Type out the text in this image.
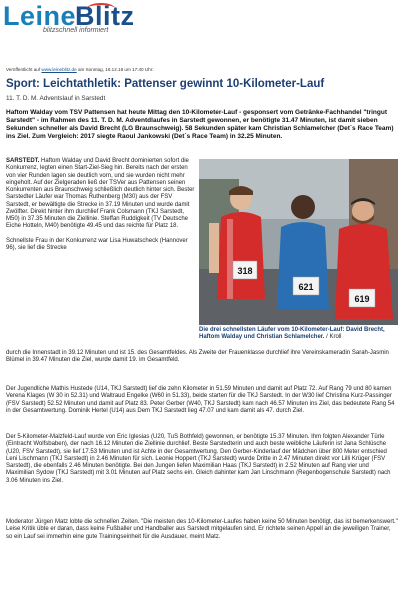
LeineBlitz
blitzschnell informiert
Veröffentlicht auf www.leineblitz.de am Sonntag, 16.12.18 um 17:40 Uhr:
Sport: Leichtathletik: Pattenser gewinnt 10-Kilometer-Lauf
11. T. D. M. Adventslauf in Sarstedt
Haftom Walday vom TSV Pattensen hat heute Mittag den 10-Kilometer-Lauf - gesponsert vom Getränke-Fachhandel "tringut Sarstedt" - im Rahmen des 11. T. D. M. Adventdlaufes in Sarstedt gewonnen, er benötigte 31.47 Minuten, ist damit sieben Sekunden schneller als David Brecht (LG Braunschweig). 58 Sekunden später kam Christian Schlamelcher (Det´s Race Team) ins Ziel. Zum Vergleich: 2017 siegte Raoul Jankowski (Det´s Race Team) in 32.25 Minuten.
SARSTEDT. Haftom Walday und David Brecht dominierten sofort die Konkurrenz, legten einen Start-Ziel-Sieg hin. Bereits nach der ersten von vier Runden lagen sie deutlich vorn, und sie wurden nicht mehr eingeholt. Auf der Zielgeraden ließ der TSVer aus Pattensen seinen Konkurrenten aus Braunschweig schließlich deutlich hinter sich. Bester Sarstedter Läufer war Thomas Ruthenberg (M30) aus der FSV Sarstedt, er bewältigte die Strecke in 37.19 Minuten und wurde damit Zwölfter. Direkt hinter ihm durchlief Frank Colsmann (TKJ Sarstedt, M50) in 37.35 Minuten die Ziellinie. Steffan Ruddigkeit (TV Deutsche Eiche Hotteln, M40) benötigte 49.45 und das reichte für Platz 18.
Schnellste Frau in der Konkurrenz war Lisa Huwatscheck (Hannover 96), sie lief die Strecke
318
621
619
Die drei schnellsten Läufer vom 10-Kilometer-Lauf: David Brecht, Haftom Walday und Christian Schlamelcher. / Kroll
durch die Innenstadt in 39.12 Minuten und ist 15. des Gesamtfeldes. Als Zweite der Frauenklasse durchlief ihre Vereinskameradin Sarah-Jasmin Blümel in 39.47 Minuten die Ziel, wurde damit 19. im Gesamtfeld.
Der Jugendliche Mathis Hustede (U14, TKJ Sarstedt) lief die zehn Kilometer in 51.59 Minuten und damit auf Platz 72. Auf Rang 79 und 80 kamen Verena Klages (W 30 in 52.31) und Waltraud Engelke (W60 in 51.33), beide starten für die TKJ Sarstedt. In der W30 lief Christina Kurz-Passinger (FSV Sarstedt) 52.52 Minuten und damit auf Platz 83. Peter Gerber (W40, TKJ Sarstedt) kam nach 46.57 Minuten ins Ziel, das bedeutete Rang 54 in der Gesamtwertung. Dominik Hertel (U14) aus Dem TKJ Sarstedt lieg 47.07 und kam damit als 47. durch Ziel.
Der 5-Kilometer-Malzfeld-Lauf wurde von Eric Iglesias (U20, TuS Bothfeld) gewonnen, er benötigte 15.37 Minuten. Ihm folgten Alexander Türle (Eintracht Wolfsbaben), der nach 16.12 Minuten die Ziellinie durchlief. Beste Sarstedterin und auch beste weibliche Läuferin ist Jana Schlüsche (U20, FSV Sarstedt), sie lief 17.53 Minuten und ist Achte in der Gesamtwertung. Den Gerber-Kinderlauf der Mädchen über 800 Meter entschied Leni Lischmann (TKJ Sarstedt) in 2.46 Minuten für sich. Leonie Hoppert (TKJ Sarstedt) wurde Dritte in 2.47 Minuten direkt vor Lilli Krüger (FSV Sarstedt), die ebenfalls 2.46 Minuten benötigte. Bei den Jungen liefen Maximilian Haas (TKJ Sarstedt) in 2.52 Minuten auf Rang vier und Maximilian Sydow (TKJ Sarstedt) mit 3.01 Minuten auf Platz sechs ein. Gleich dahinter kam Jan Linschmann (Regenbogenschule Sarstedt) nach 3.06 Minuten ins Ziel.
Moderator Jürgen Matz lobte die schnellen Zeiten. "Die meisten des 10-Kilometer-Laufes haben keine 50 Minuten benötigt, das ist bemerkenswert." Leise Kritik übte er daran, dass keine Fußballer und Handballer aus Sarstedt mitgelaufen sind. Er richtete seinen Appell an die jeweiligen Trainer, so ein Lauf sei immerhin eine gute Trainingseinheit für die Ausdauer, meint Matz.
